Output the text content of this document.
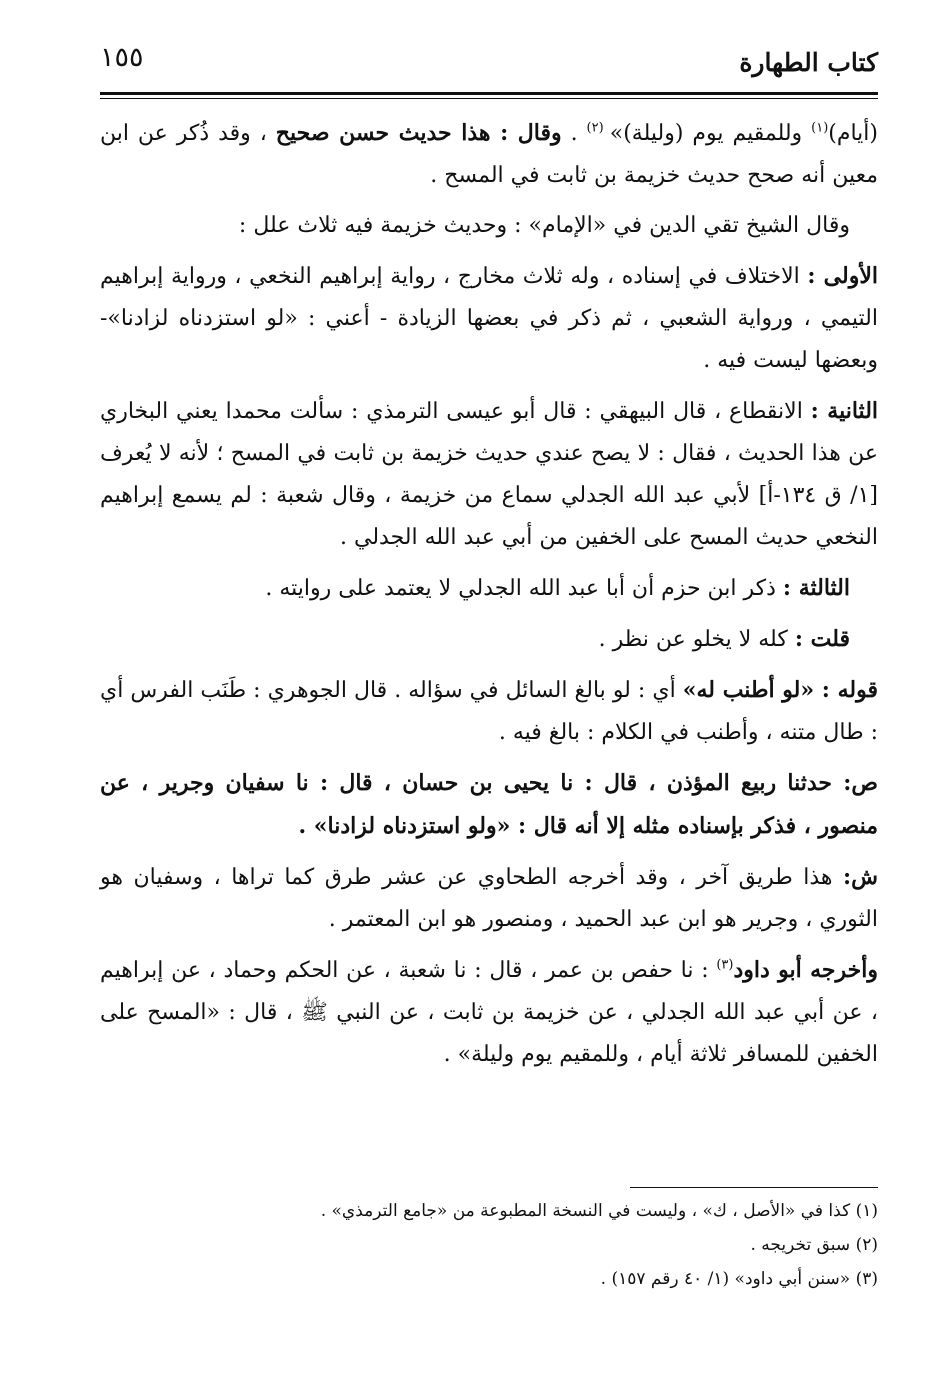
كتاب الطهارة
١٥٥

(أيام)$^{(١)}$ وللمقيم يوم (وليلة)» $^{(٢)}$ . وقال : هذا حديث حسن صحيح ، وقد ذُكر عن ابن معين أنه صحح حديث خزيمة بن ثابت في المسح .

وقال الشيخ تقي الدين في «الإمام» : وحديث خزيمة فيه ثلاث علل :

الأولى : الاختلاف في إسناده ، وله ثلاث مخارج ، رواية إبراهيم النخعي ، ورواية إبراهيم التيمي ، ورواية الشعبي ، ثم ذكر في بعضها الزيادة - أعني : «لو استزدناه لزادنا»- وبعضها ليست فيه .

الثانية : الانقطاع ، قال البيهقي : قال أبو عيسى الترمذي : سألت محمدا يعني البخاري عن هذا الحديث ، فقال : لا يصح عندي حديث خزيمة بن ثابت في المسح ؛ لأنه لا يُعرف [١/ ق ١٣٤-أ] لأبي عبد الله الجدلي سماع من خزيمة ، وقال شعبة : لم يسمع إبراهيم النخعي حديث المسح على الخفين من أبي عبد الله الجدلي .

الثالثة : ذكر ابن حزم أن أبا عبد الله الجدلي لا يعتمد على روايته .

قلت : كله لا يخلو عن نظر .

قوله : «لو أطنب له» أي : لو بالغ السائل في سؤاله . قال الجوهري : طَنَب الفرس أي : طال متنه ، وأطنب في الكلام : بالغ فيه .

ص: حدثنا ربيع المؤذن ، قال : نا يحيى بن حسان ، قال : نا سفيان وجرير ، عن منصور ، فذكر بإسناده مثله إلا أنه قال : «ولو استزدناه لزادنا» .

ش: هذا طريق آخر ، وقد أخرجه الطحاوي عن عشر طرق كما تراها ، وسفيان هو الثوري ، وجرير هو ابن عبد الحميد ، ومنصور هو ابن المعتمر .

وأخرجه أبو داود$^{(٣)}$ : نا حفص بن عمر ، قال : نا شعبة ، عن الحكم وحماد ، عن إبراهيم ، عن أبي عبد الله الجدلي ، عن خزيمة بن ثابت ، عن النبي ﷺ ، قال : «المسح على الخفين للمسافر ثلاثة أيام ، وللمقيم يوم وليلة» .

(١) كذا في «الأصل ، ك» ، وليست في النسخة المطبوعة من «جامع الترمذي» .
(٢) سبق تخريجه .
(٣) «سنن أبي داود» (١/ ٤٠ رقم ١٥٧) .
